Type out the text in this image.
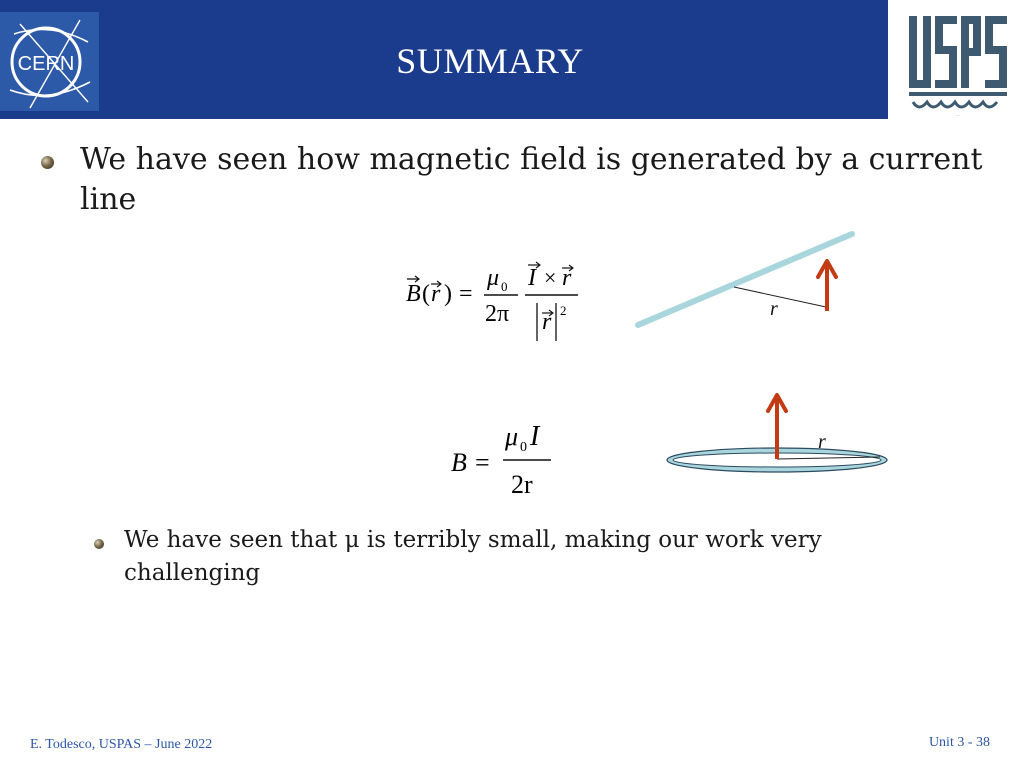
CERN	SUMMARY
USPAS
We have seen how magnetic field is generated by a current line
B ( r ) =
μ 0
2π
I × r
r 2	r
B =
μ 0 I
2r
r
We have seen that μ is terribly small, making our work very challenging
E. Todesco, USPAS – June 2022	Unit 3 - 38
